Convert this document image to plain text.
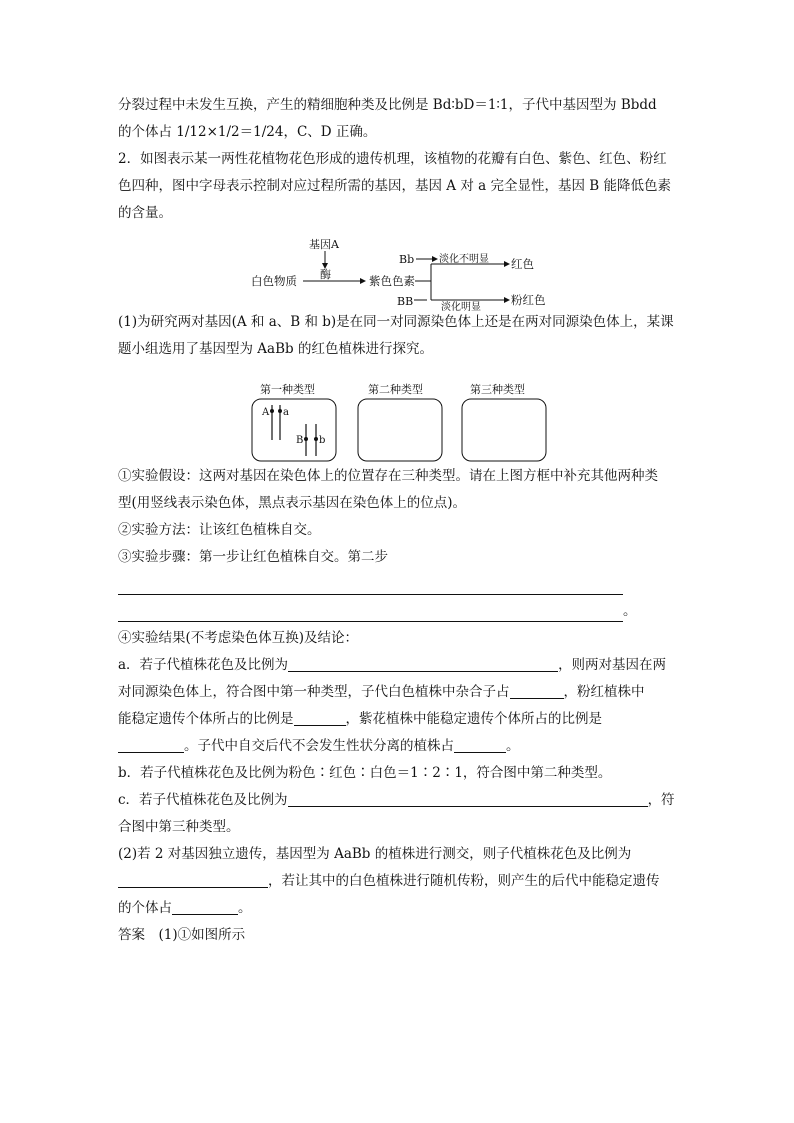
分裂过程中未发生互换，产生的精细胞种类及比例是 Bd∶bD＝1∶1，子代中基因型为 Bbdd

的个体占 1/12×1/2＝1/24，C、D 正确。

2．如图表示某一两性花植物花色形成的遗传机理，该植物的花瓣有白色、紫色、红色、粉红

色四种，图中字母表示控制对应过程所需的基因，基因 A 对 a 完全显性，基因 B 能降低色素

的含量。

(1)为研究两对基因(A 和 a、B 和 b)是在同一对同源染色体上还是在两对同源染色体上，某课

题小组选用了基因型为 AaBb 的红色植株进行探究。

①实验假设：这两对基因在染色体上的位置存在三种类型。请在上图方框中补充其他两种类

型(用竖线表示染色体，黑点表示基因在染色体上的位点)。

②实验方法：让该红色植株自交。

③实验步骤：第一步让红色植株自交。第二步

。

④实验结果(不考虑染色体互换)及结论：

a．若子代植株花色及比例为	，则两对基因在两

对同源染色体上，符合图中第一种类型，子代白色植株中杂合子占	，粉红植株中

能稳定遗传个体所占的比例是	，紫花植株中能稳定遗传个体所占的比例是

。子代中自交后代不会发生性状分离的植株占	。

b．若子代植株花色及比例为粉色∶红色∶白色＝1∶2∶1，符合图中第二种类型。

c．若子代植株花色及比例为	，符

合图中第三种类型。

(2)若 2 对基因独立遗传，基因型为 AaBb 的植株进行测交，则子代植株花色及比例为

，若让其中的白色植株进行随机传粉，则产生的后代中能稳定遗传

的个体占	。

答案　(1)①如图所示

基因A
酶
白色物质	紫色色素
Bb 淡化不明显
BB	淡化明显
红色
粉红色
第一种类型	第二种类型	第三种类型
A a
B b
